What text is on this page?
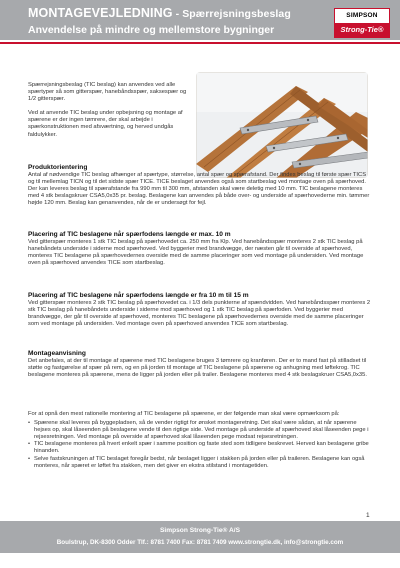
MONTAGEVEJLEDNING - Spærrejsningsbeslag
Anvendelse på mindre og mellemstore bygninger
SIMPSON
Strong-Tie®

Spærrejsningsbeslag (TIC beslag) kan anvendes ved alle spærtyper så som gitterspær, hanebåndsspær, saksespær og 1/2 gitterspær.

Ved at anvende TIC beslag under opbejsning og montage af spærene er der ingen tømrere, der skal arbejde i spærkonstruktionen med afsværtning, og herved undgås faldulykker.

Produktorientering

Antal af nødvendige TIC beslag afhænger af spærtype, størrelse, antal spær og spærafstand. Der findes beslag til første spær TICS og til mellemlag TICN og til det sidste spær TICE. TICE beslaget anvendes også som startbeslag ved montage oven på spærhoved. Der kan leveres beslag til spærafstande fra 990 mm til 300 mm, afstanden skal være deletig med 10 mm. TIC beslagene monteres med 4 stk beslagskruer CSA5,0x35 pr. beslag. Beslagene kan anvendes på både over- og underside af spærhovederne min. tømmer højde 120 mm. Beslag kan genanvendes, når de er undersøgt for fejl.

Placering af TIC beslagene når spærfodens længde er max. 10 m

Ved gitterspær monteres 1 stk TIC beslag på spærhovedet ca. 250 mm fra Klp. Ved hanebåndsspær monteres 2 stk TIC beslag på hanebåndets underside i siderne mod spærhoved. Ved byggerier med brandvægge, der næsten går til overside af spærhoved, monteres TIC beslagene på spærhovedernes overside med de samme placeringer som ved montage på undersiden. Ved montage oven på spærhoved anvendes TICE som startbeslag.

Placering af TIC beslagene når spærfodens længde er fra 10 m til 15 m

Ved gitterspær monteres 2 stk TIC beslag på spærhovedet ca. i 1/3 dels punkterne af spændvidden. Ved hanebåndsspær monteres 2 stk TIC beslag på hanebåndets underside i siderne mod spærhoved og 1 stk TIC beslag på spærfoden. Ved byggerier med brandvægge, der går til overside af spærhoved, monteres TIC beslagene på spærhovedernes overside med de samme placeringer som ved montage på undersiden. Ved montage oven på spærhoved anvendes TICE som startbeslag.

Montageanvisning

Det anbefales, at der til montage af spærene med TIC beslagene bruges 3 tømrere og kranføren. Der er to mand fast på stilladset til støtte og fastgørelse af spær på rem, og en på jorden til montage af TIC beslagene på spærene og anhugning med løftekrog. TIC beslagene monteres på spærene, mens de ligger på jorden eller på trailer. Beslagene monteres med 4 stk beslagskruer CSA5,0x35.

For at opnå den mest rationelle montering af TIC beslagene på spærene, er der følgende man skal være opmærksom på:

• Spærene skal leveres på byggepladsen, så de vender rigtigt for ønsket montageretning. Det skal være sådan, at når spærene hejses op, skal låseenden på beslagene vende til den rigtige side. Ved montage på underside af spærhoved skal låseenden pege i rejsesretningen. Ved montage på overside af spærhoved skal låseenden pege modsat rejsesretningen.
• TIC beslagene monteres på hvert enkelt spær i samme position og faste sted som tidligere beskrevet. Herved kan beslagene gribe hinanden.
• Selve fastskruningen af TIC beslaget foregår bedst, når beslaget ligger i stakken på jorden eller på traileren. Beslagene kan også monteres, når spæret er løftet fra stakken, men det giver en ekstra stilstand i montagetiden.
1
Simpson Strong-Tie® A/S
Boulstrup, DK-8300 Odder Tlf.: 8781 7400 Fax: 8781 7409 www.strongtie.dk, info@strongtie.com
